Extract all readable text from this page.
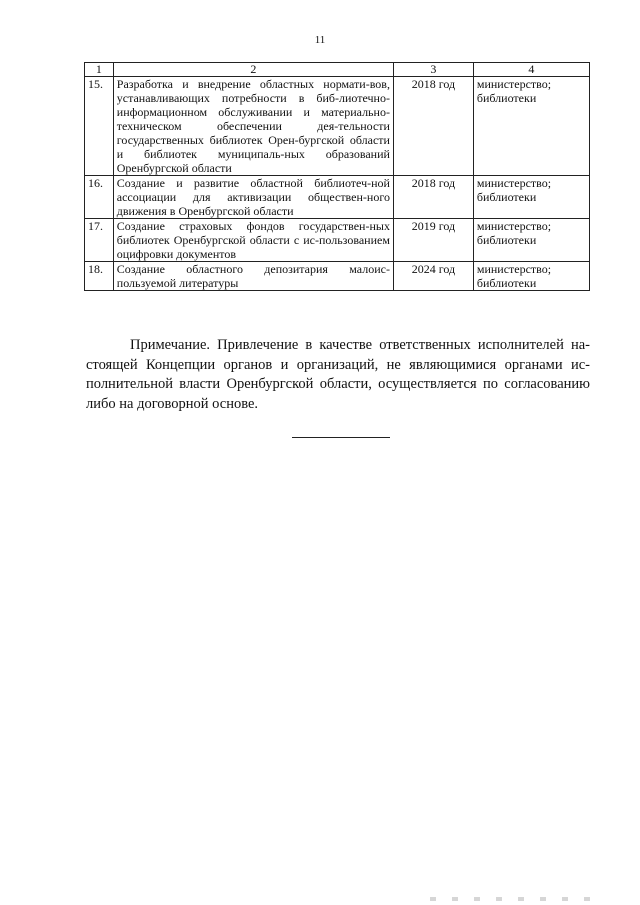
11
1	2	3	4
15.	Разработка и внедрение областных нормати-вов, устанавливающих потребности в биб-лиотечно-информационном обслуживании и материально-техническом обеспечении дея-тельности государственных библиотек Орен-бургской области и библиотек муниципаль-ных образований Оренбургской области	2018 год	министерство; библиотеки
16.	Создание и развитие областной библиотеч-ной ассоциации для активизации обществен-ного движения в Оренбургской области	2018 год	министерство; библиотеки
17.	Создание страховых фондов государствен-ных библиотек Оренбургской области с ис-пользованием оцифровки документов	2019 год	министерство; библиотеки
18.	Создание областного депозитария малоис-пользуемой литературы	2024 год	министерство; библиотеки
Примечание. Привлечение в качестве ответственных исполнителей на-стоящей Концепции органов и организаций, не являющимися органами ис-полнительной власти Оренбургской области, осуществляется по согласованию либо на договорной основе.
